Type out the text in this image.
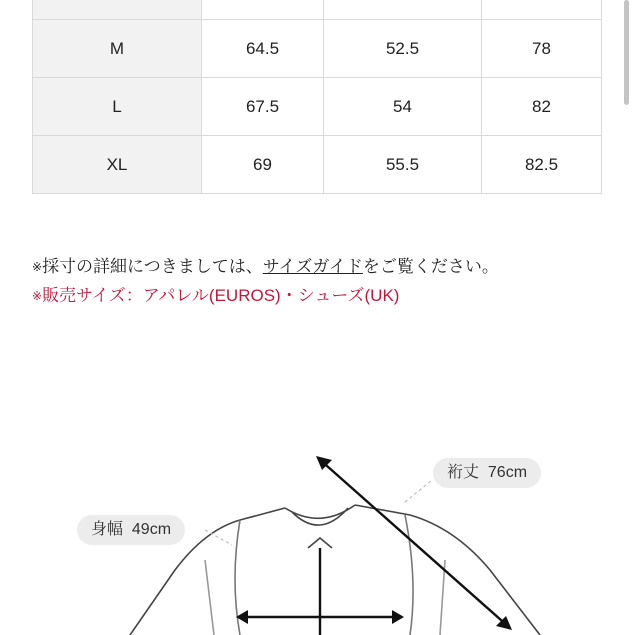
M	64.5	52.5	78
L	67.5	54	82
XL	69	55.5	82.5
※採寸の詳細につきましては、サイズガイドをご覧ください。
※販売サイズ：アパレル(EUROS)・シューズ(UK)
裄丈 76cm
身幅 49cm
